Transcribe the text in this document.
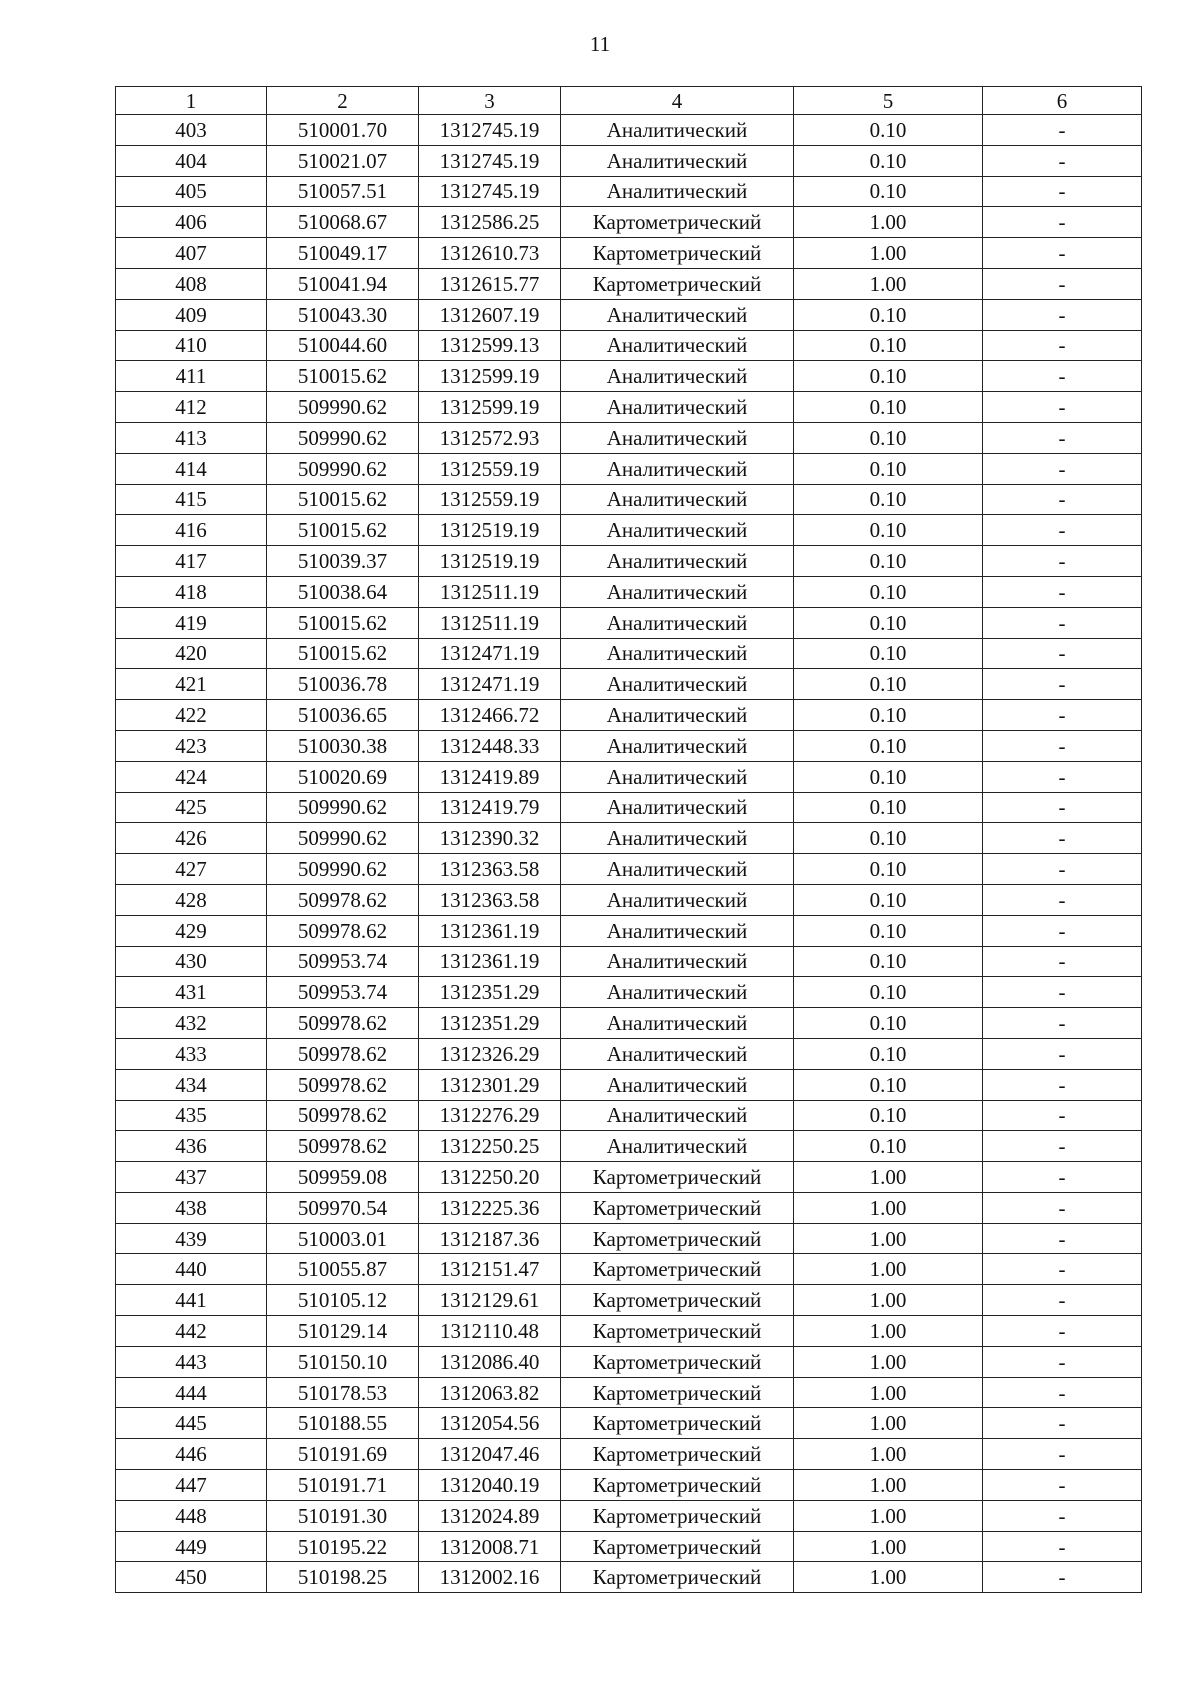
11
1	2	3	4	5	6
403	510001.70	1312745.19	Аналитический	0.10	-
404	510021.07	1312745.19	Аналитический	0.10	-
405	510057.51	1312745.19	Аналитический	0.10	-
406	510068.67	1312586.25	Картометрический	1.00	-
407	510049.17	1312610.73	Картометрический	1.00	-
408	510041.94	1312615.77	Картометрический	1.00	-
409	510043.30	1312607.19	Аналитический	0.10	-
410	510044.60	1312599.13	Аналитический	0.10	-
411	510015.62	1312599.19	Аналитический	0.10	-
412	509990.62	1312599.19	Аналитический	0.10	-
413	509990.62	1312572.93	Аналитический	0.10	-
414	509990.62	1312559.19	Аналитический	0.10	-
415	510015.62	1312559.19	Аналитический	0.10	-
416	510015.62	1312519.19	Аналитический	0.10	-
417	510039.37	1312519.19	Аналитический	0.10	-
418	510038.64	1312511.19	Аналитический	0.10	-
419	510015.62	1312511.19	Аналитический	0.10	-
420	510015.62	1312471.19	Аналитический	0.10	-
421	510036.78	1312471.19	Аналитический	0.10	-
422	510036.65	1312466.72	Аналитический	0.10	-
423	510030.38	1312448.33	Аналитический	0.10	-
424	510020.69	1312419.89	Аналитический	0.10	-
425	509990.62	1312419.79	Аналитический	0.10	-
426	509990.62	1312390.32	Аналитический	0.10	-
427	509990.62	1312363.58	Аналитический	0.10	-
428	509978.62	1312363.58	Аналитический	0.10	-
429	509978.62	1312361.19	Аналитический	0.10	-
430	509953.74	1312361.19	Аналитический	0.10	-
431	509953.74	1312351.29	Аналитический	0.10	-
432	509978.62	1312351.29	Аналитический	0.10	-
433	509978.62	1312326.29	Аналитический	0.10	-
434	509978.62	1312301.29	Аналитический	0.10	-
435	509978.62	1312276.29	Аналитический	0.10	-
436	509978.62	1312250.25	Аналитический	0.10	-
437	509959.08	1312250.20	Картометрический	1.00	-
438	509970.54	1312225.36	Картометрический	1.00	-
439	510003.01	1312187.36	Картометрический	1.00	-
440	510055.87	1312151.47	Картометрический	1.00	-
441	510105.12	1312129.61	Картометрический	1.00	-
442	510129.14	1312110.48	Картометрический	1.00	-
443	510150.10	1312086.40	Картометрический	1.00	-
444	510178.53	1312063.82	Картометрический	1.00	-
445	510188.55	1312054.56	Картометрический	1.00	-
446	510191.69	1312047.46	Картометрический	1.00	-
447	510191.71	1312040.19	Картометрический	1.00	-
448	510191.30	1312024.89	Картометрический	1.00	-
449	510195.22	1312008.71	Картометрический	1.00	-
450	510198.25	1312002.16	Картометрический	1.00	-
